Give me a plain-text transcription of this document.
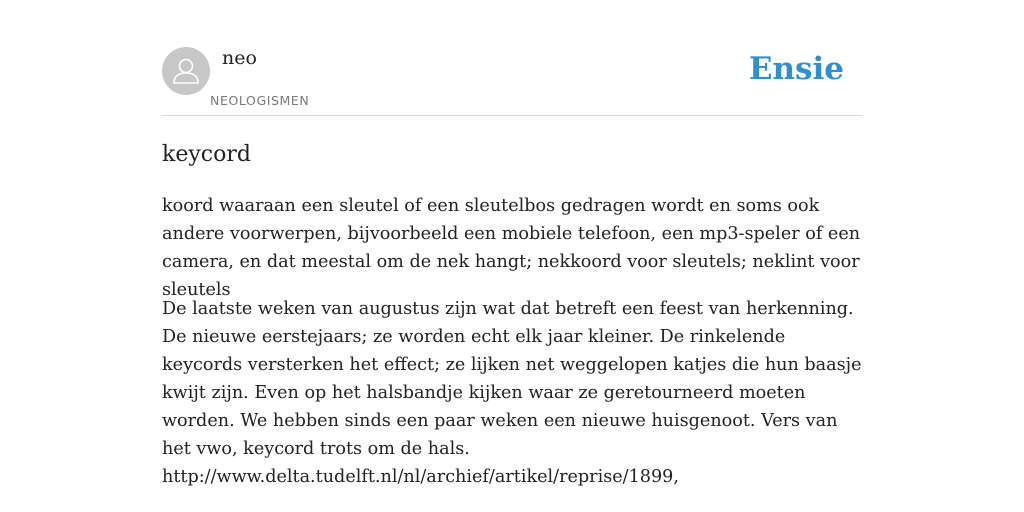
neo
NEOLOGISMEN
Ensie
keycord

koord waaraan een sleutel of een sleutelbos gedragen wordt en soms ook andere voorwerpen, bijvoorbeeld een mobiele telefoon, een mp3-speler of een camera, en dat meestal om de nek hangt; nekkoord voor sleutels; neklint voor sleutels

De laatste weken van augustus zijn wat dat betreft een feest van herkenning. De nieuwe eerstejaars; ze worden echt elk jaar kleiner. De rinkelende keycords versterken het effect; ze lijken net weggelopen katjes die hun baasje kwijt zijn. Even op het halsbandje kijken waar ze geretourneerd moeten worden. We hebben sinds een paar weken een nieuwe huisgenoot. Vers van het vwo, keycord trots om de hals.
http://www.delta.tudelft.nl/nl/archief/artikel/reprise/1899,
